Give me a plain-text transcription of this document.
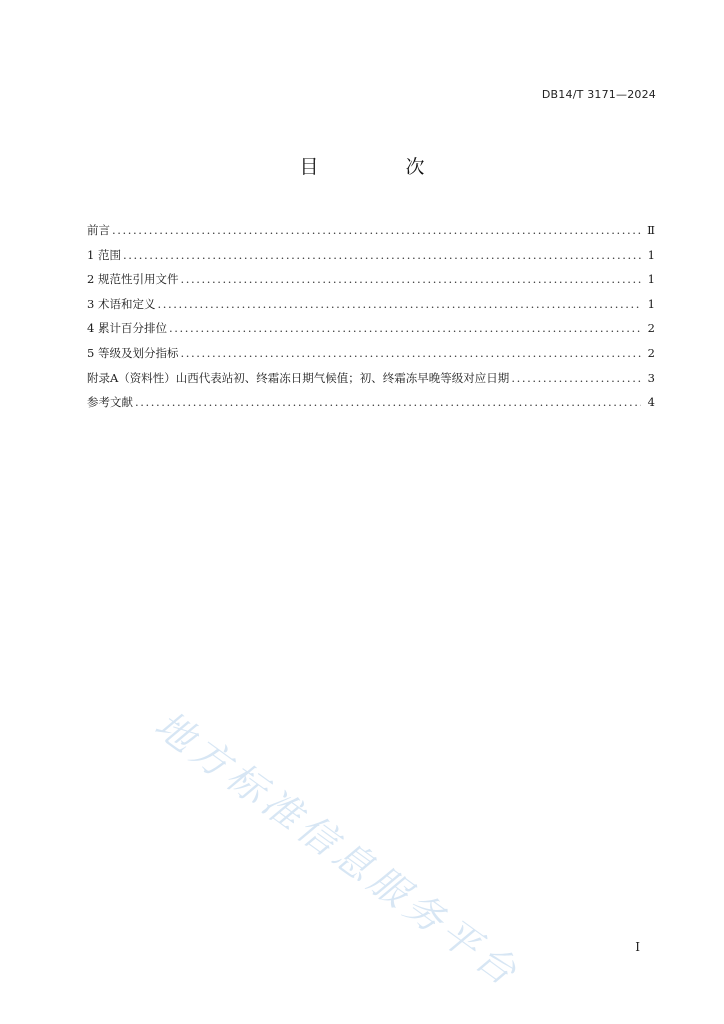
DB14/T 3171—2024
目　次
前言 .....	Ⅱ
1 范围 .....	1
2 规范性引用文件 .....	1
3 术语和定义 .....	1
4 累计百分排位 .....	2
5 等级及划分指标 .....	2
附录A（资料性）山西代表站初、终霜冻日期气候值；初、终霜冻早晚等级对应日期 .....	3
参考文献 .....	4
地方标准信息服务平台	I
